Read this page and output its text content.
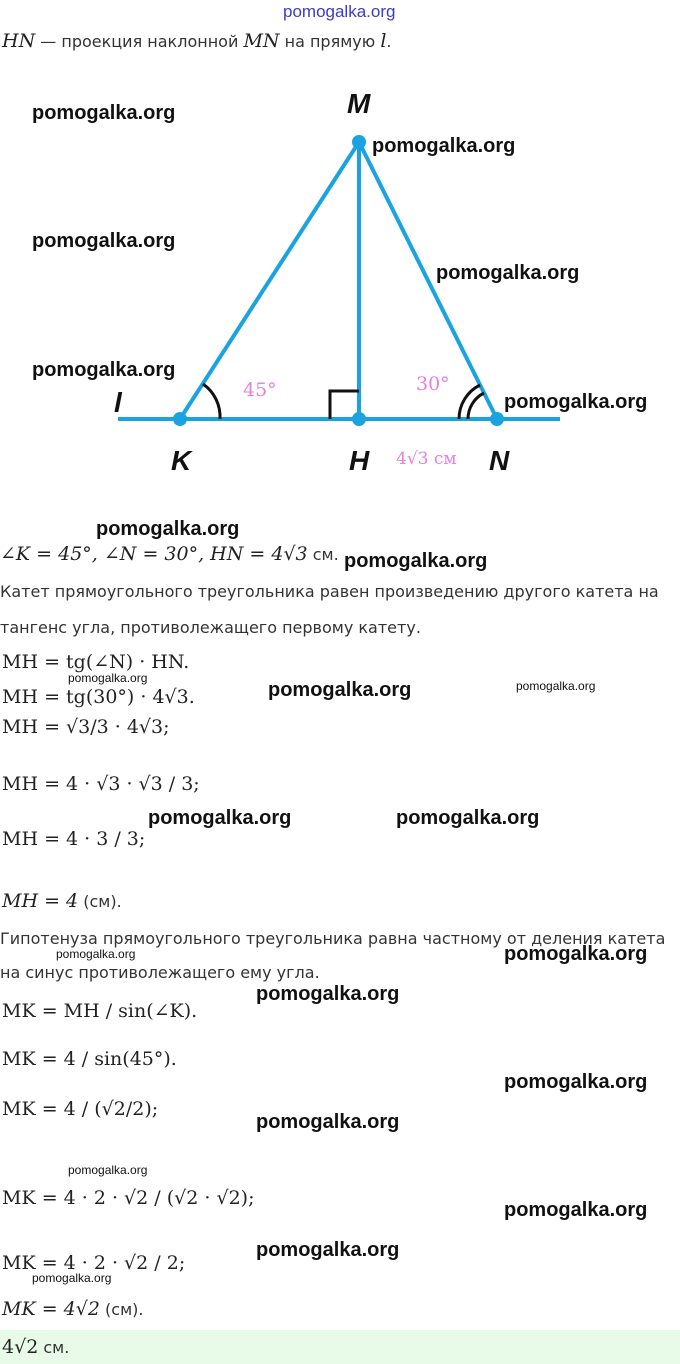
pomogalka.org
HN — проекция наклонной MN на прямую l.
M
K	H	N
l	45°	30°
4√3 см
∠K = 45°, ∠N = 30°, HN = 4√3 см.
Катет прямоугольного треугольника равен произведению другого катета на
тангенс угла, противолежащего первому катету.
MH = tg(∠N) · HN.
MH = tg(30°) · 4√3.
MH = √3/3 · 4√3;
MH = 4 · √3 · √3 / 3;
MH = 4 · 3 / 3;
MH = 4 (см).
Гипотенуза прямоугольного треугольника равна частному от деления катета
на синус противолежащего ему угла.
MK = MH / sin(∠K).
MK = 4 / sin(45°).
MK = 4 / (√2/2);
MK = 4 · 2 · √2 / (√2 · √2);
MK = 4 · 2 · √2 / 2;
MK = 4√2 (см).
4√2 см.
pomogalka.org
pomogalka.org
pomogalka.org
pomogalka.org
pomogalka.org
pomogalka.org
pomogalka.org
pomogalka.org
pomogalka.org
pomogalka.org	pomogalka.org
pomogalka.org	pomogalka.org
pomogalka.org	pomogalka.org
pomogalka.org
pomogalka.org
pomogalka.org
pomogalka.org
pomogalka.org
pomogalka.org
pomogalka.org
